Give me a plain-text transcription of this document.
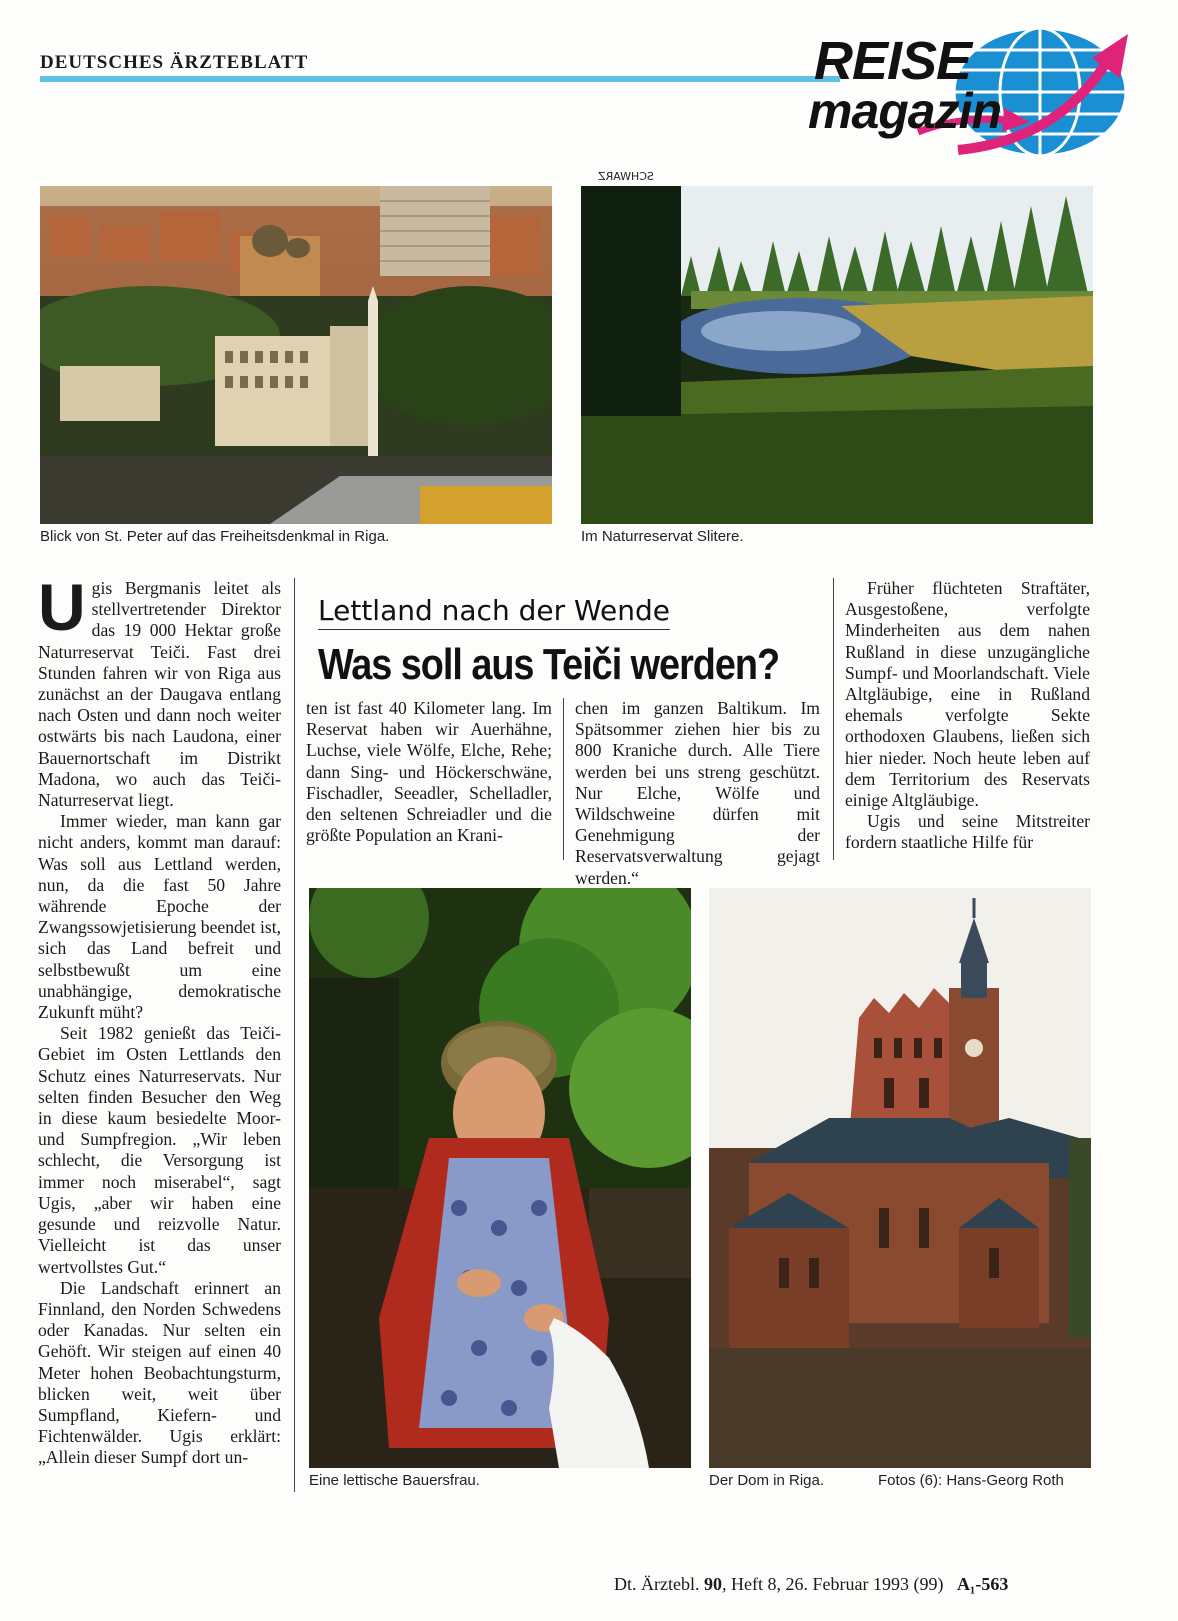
DEUTSCHES ÄRZTEBLATT	REISE
magazin
SCHWARZ
Blick von St. Peter auf das Freiheitsdenkmal in Riga.	Im Naturreservat Slitere.

Ugis Bergmanis leitet als stellvertretender Direktor das 19 000 Hektar große Naturreservat Teiči. Fast drei Stunden fahren wir von Riga aus zunächst an der Daugava entlang nach Osten und dann noch weiter ostwärts bis nach Laudona, einer Bauernortschaft im Distrikt Madona, wo auch das Teiči-Naturreservat liegt.

Immer wieder, man kann gar nicht anders, kommt man darauf: Was soll aus Lettland werden, nun, da die fast 50 Jahre währende Epoche der Zwangssowjetisierung beendet ist, sich das Land befreit und selbstbewußt um eine unabhängige, demokratische Zukunft müht?

Seit 1982 genießt das Teiči-Gebiet im Osten Lettlands den Schutz eines Naturreservats. Nur selten finden Besucher den Weg in diese kaum besiedelte Moor- und Sumpfregion. „Wir leben schlecht, die Versorgung ist immer noch miserabel“, sagt Ugis, „aber wir haben eine gesunde und reizvolle Natur. Vielleicht ist das unser wertvollstes Gut.“

Die Landschaft erinnert an Finnland, den Norden Schwedens oder Kanadas. Nur selten ein Gehöft. Wir steigen auf einen 40 Meter hohen Beobachtungsturm, blicken weit, weit über Sumpfland, Kiefern- und Fichtenwälder. Ugis erklärt: „Allein dieser Sumpf dort un-

Lettland nach der Wende
Was soll aus Teiči werden?

ten ist fast 40 Kilometer lang. Im Reservat haben wir Auerhähne, Luchse, viele Wölfe, Elche, Rehe; dann Sing- und Höckerschwäne, Fischadler, Seeadler, Schelladler, den seltenen Schreiadler und die größte Population an Krani-

chen im ganzen Baltikum. Im Spätsommer ziehen hier bis zu 800 Kraniche durch. Alle Tiere werden bei uns streng geschützt. Nur Elche, Wölfe und Wildschweine dürfen mit Genehmigung der Reservatsverwaltung gejagt werden.“

Früher flüchteten Straftäter, Ausgestoßene, verfolgte Minderheiten aus dem nahen Rußland in diese unzugängliche Sumpf- und Moorlandschaft. Viele Altgläubige, eine in Rußland ehemals verfolgte Sekte orthodoxen Glaubens, ließen sich hier nieder. Noch heute leben auf dem Territorium des Reservats einige Altgläubige.

Ugis und seine Mitstreiter fordern staatliche Hilfe für

Eine lettische Bauersfrau.	Der Dom in Riga.	Fotos (6): Hans-Georg Roth
Dt. Ärztebl. 90, Heft 8, 26. Februar 1993 (99) A₁-563
